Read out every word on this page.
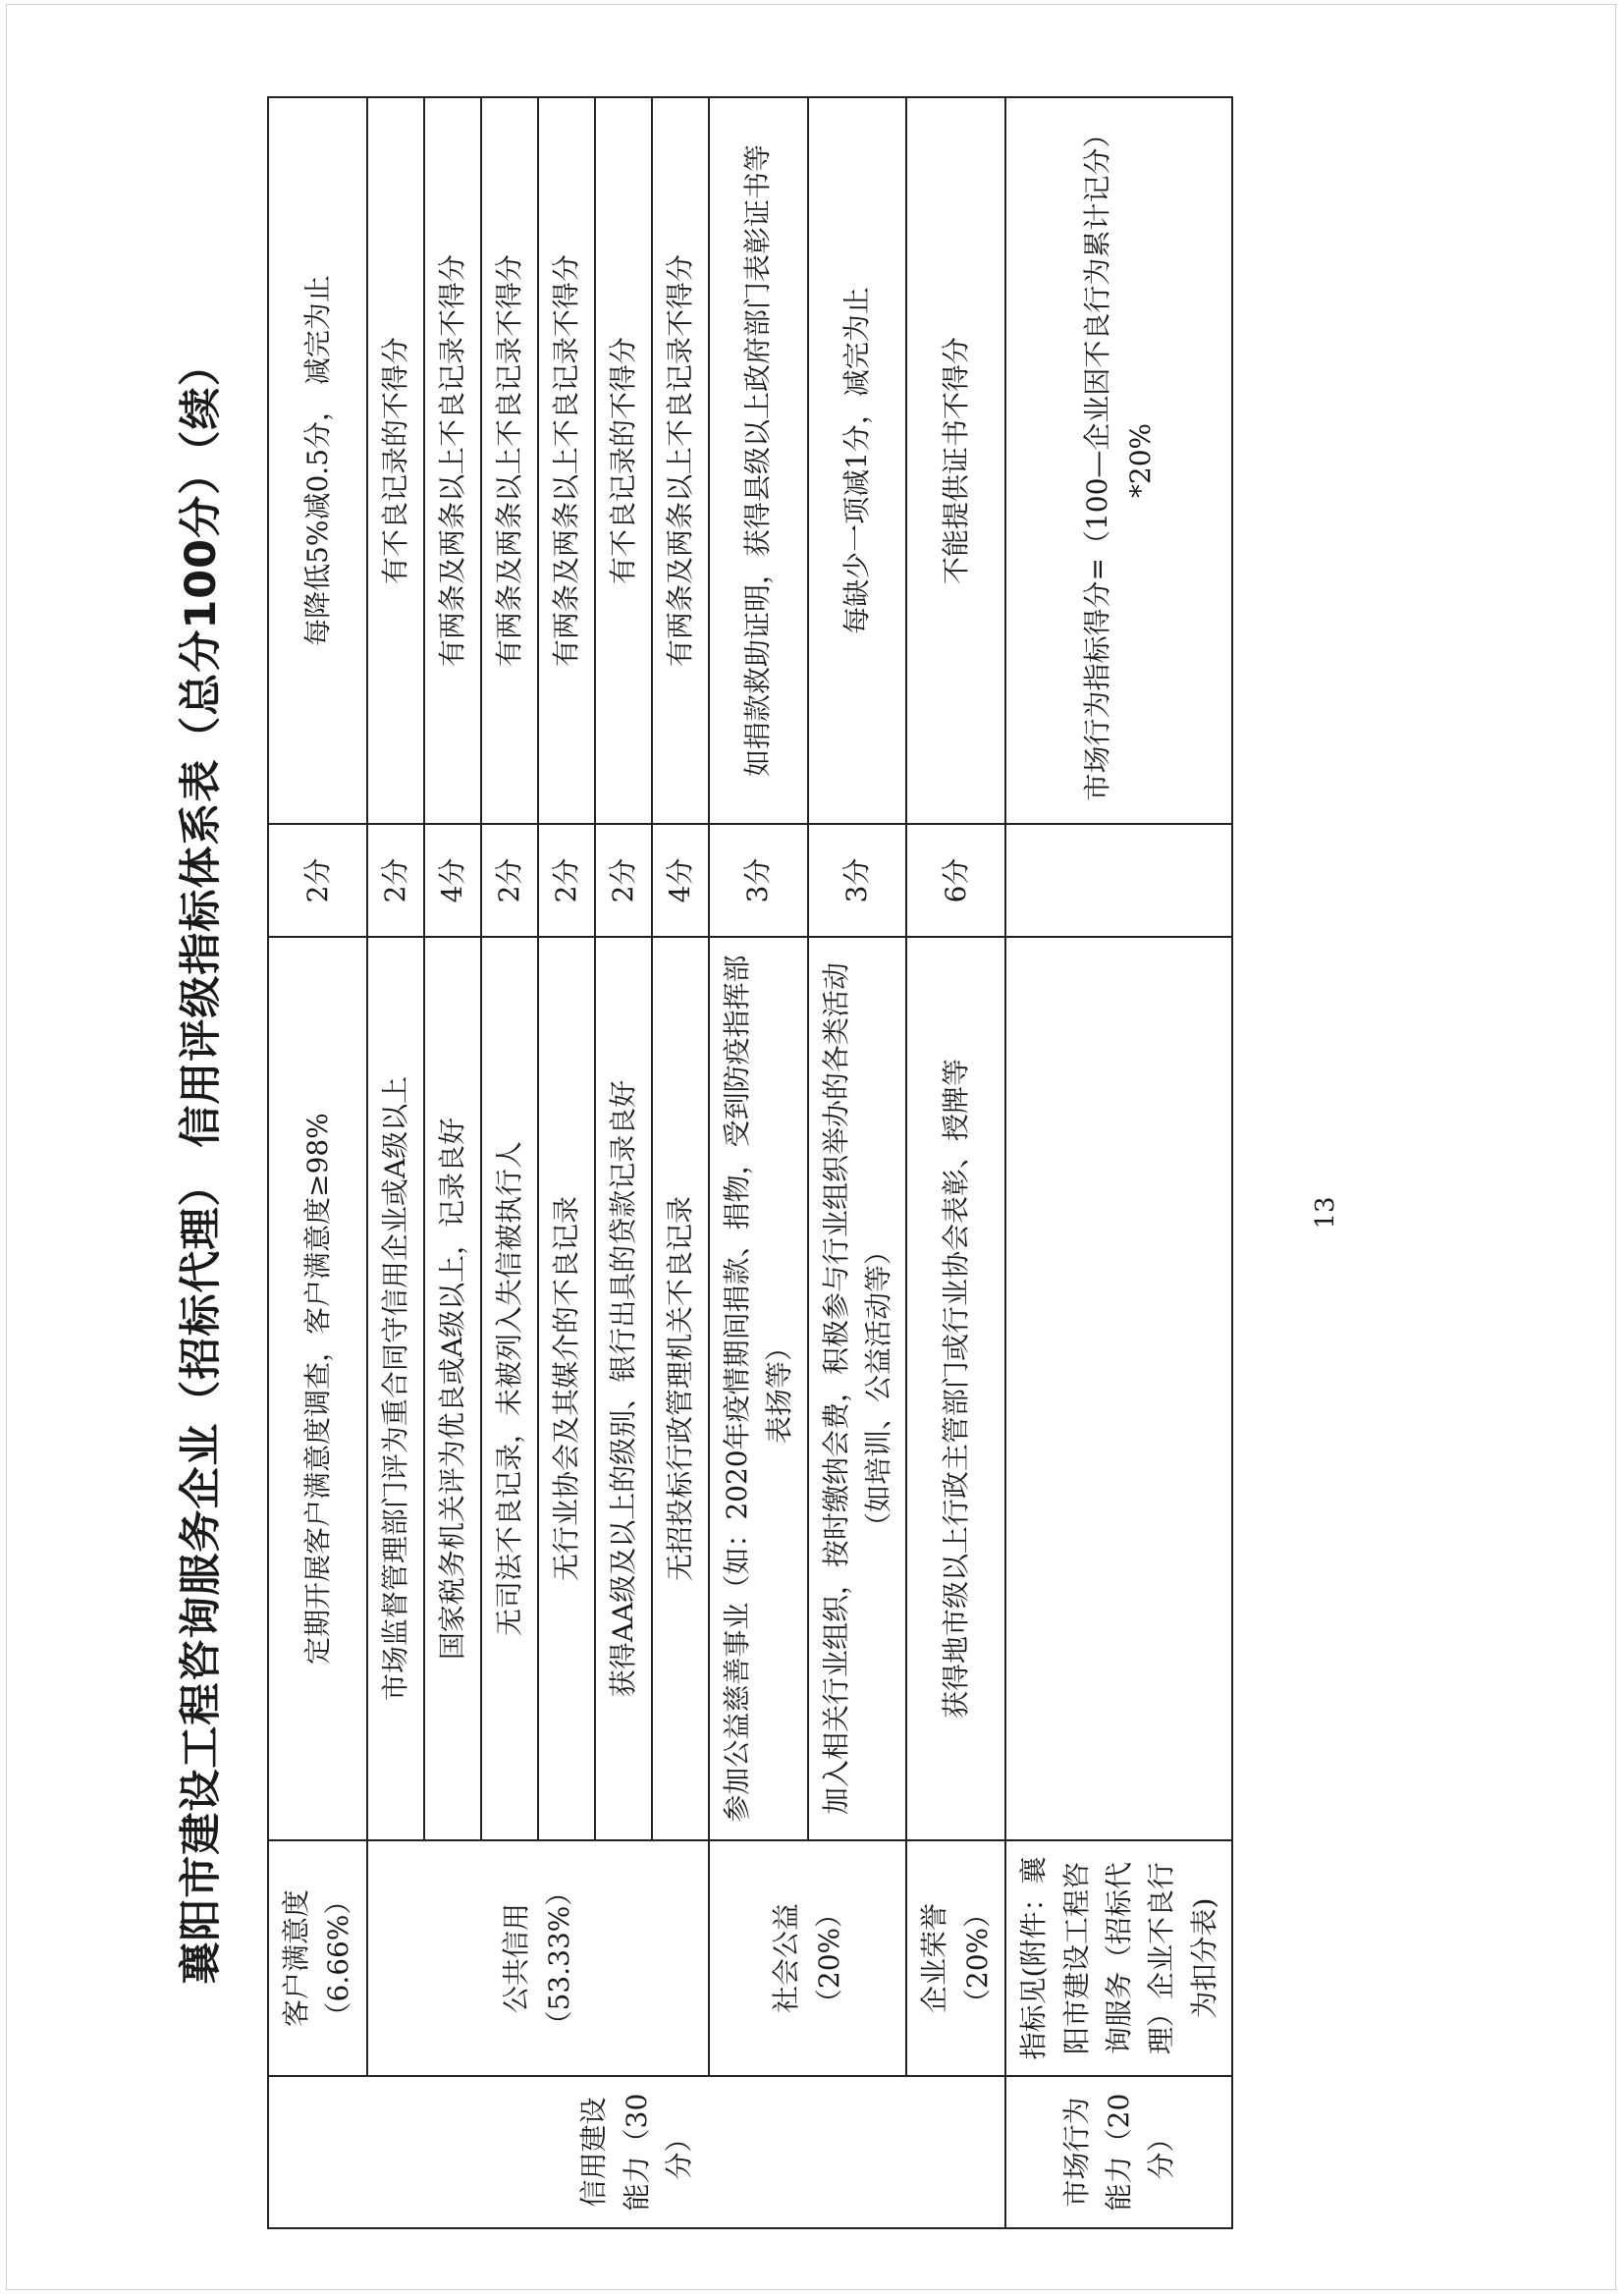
襄阳市建设工程咨询服务企业（招标代理） 信用评级指标体系表（总分100分）（续）
信用建设能力（30分）	客户满意度（6.66%）	定期开展客户满意度调查，客户满意度≥98%	2分	每降低5%减0.5分， 减完为止
	公共信用（53.33%）	市场监督管理部门评为重合同守信用企业或A级以上	2分	有不良记录的不得分
		国家税务机关评为优良或A级以上，记录良好	4分	有两条及两条以上不良记录不得分
		无司法不良记录，未被列入失信被执行人	2分	有两条及两条以上不良记录不得分
		无行业协会及其媒介的不良记录	2分	有两条及两条以上不良记录不得分
		获得AA级及以上的级别、银行出具的贷款记录良好	2分	有不良记录的不得分
		无招投标行政管理机关不良记录	4分	有两条及两条以上不良记录不得分
	社会公益（20%）	参加公益慈善事业（如：2020年疫情期间捐款、捐物，受到防疫指挥部表扬等）	3分	如捐款救助证明，获得县级以上政府部门表彰证书等
		加入相关行业组织，按时缴纳会费，积极参与行业组织举办的各类活动（如培训、公益活动等）	3分	每缺少一项减1分，减完为止
	企业荣誉（20%）	获得地市级以上行政主管部门或行业协会表彰、授牌等	6分	不能提供证书不得分
市场行为能力（20分）	指标见(附件：襄阳市建设工程咨询服务（招标代理）企业不良行为扣分表)			市场行为指标得分=（100—企业因不良行为累计记分） *20%
13
